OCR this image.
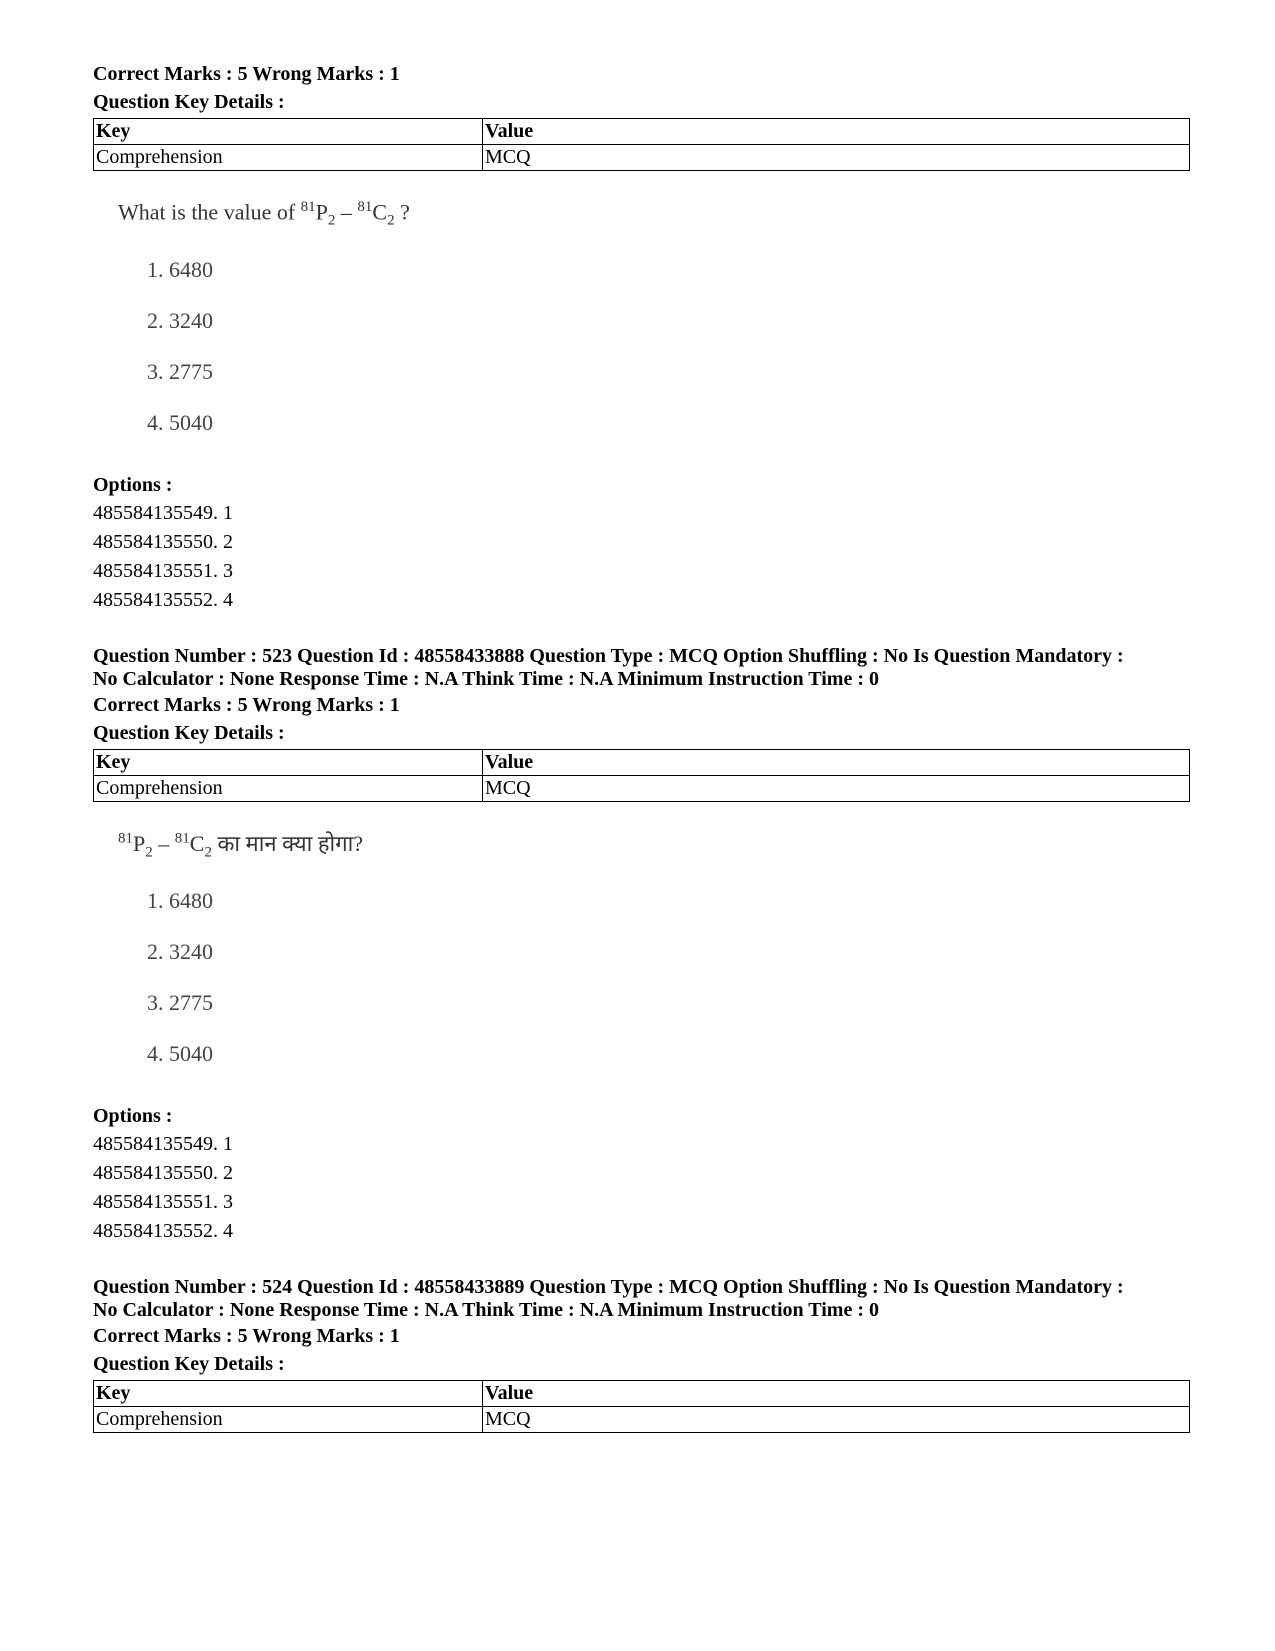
Correct Marks : 5 Wrong Marks : 1
Question Key Details :
Key	Value
Comprehension	MCQ
What is the value of $^{81}P_2 - ^{81}C_2$ ?
1. 6480
2. 3240
3. 2775
4. 5040
Options :
485584135549. 1
485584135550. 2
485584135551. 3
485584135552. 4
Question Number : 523 Question Id : 48558433888 Question Type : MCQ Option Shuffling : No Is Question Mandatory :
No Calculator : None Response Time : N.A Think Time : N.A Minimum Instruction Time : 0
Correct Marks : 5 Wrong Marks : 1
Question Key Details :
Key	Value
Comprehension	MCQ
$^{81}P_2 - ^{81}C_2$ का मान क्या होगा?
1. 6480
2. 3240
3. 2775
4. 5040
Options :
485584135549. 1
485584135550. 2
485584135551. 3
485584135552. 4
Question Number : 524 Question Id : 48558433889 Question Type : MCQ Option Shuffling : No Is Question Mandatory :
No Calculator : None Response Time : N.A Think Time : N.A Minimum Instruction Time : 0
Correct Marks : 5 Wrong Marks : 1
Question Key Details :
Key	Value
Comprehension	MCQ
